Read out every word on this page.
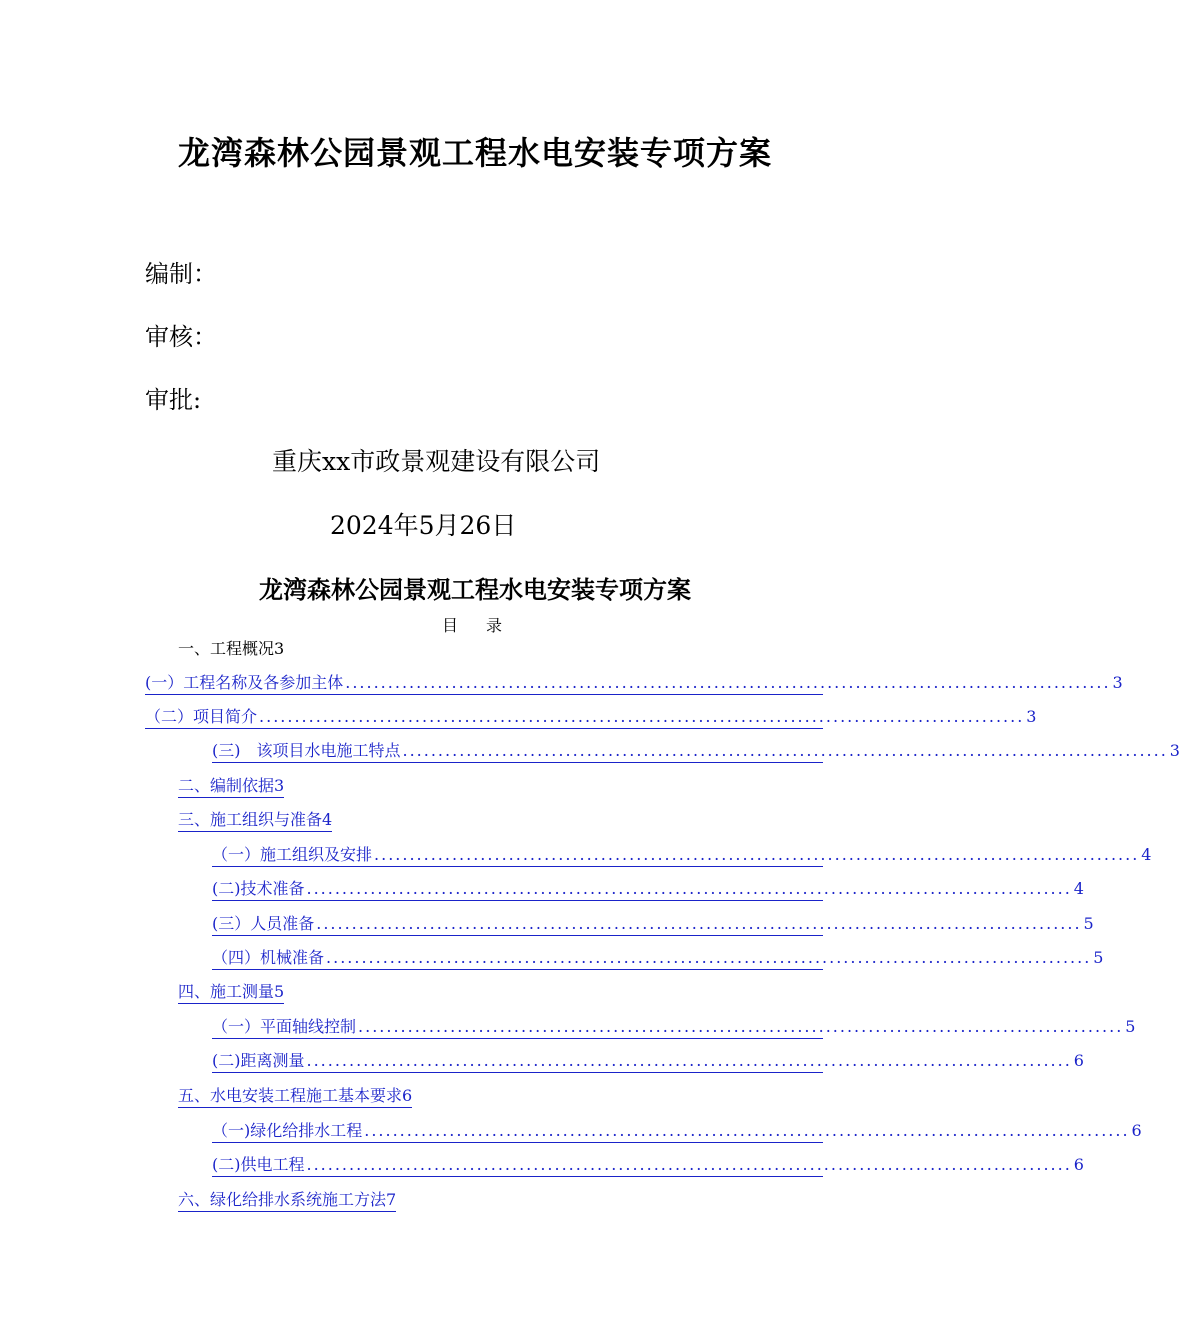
龙湾森林公园景观工程水电安装专项方案
编制：
审核：
审批:
重庆xx市政景观建设有限公司
2024年5月26日
龙湾森林公园景观工程水电安装专项方案
目　录
一、工程概况3
(一）工程名称及各参加主体 ............................................................................................................ 3
（二）项目简介 ............................................................................................................ 3
(三)　该项目水电施工特点 ............................................................................................................ 3
二、编制依据3
三、施工组织与准备4
（一）施工组织及安排 ............................................................................................................ 4
(二)技术准备 ............................................................................................................ 4
(三）人员准备 ............................................................................................................ 5
（四）机械准备 ............................................................................................................ 5
四、施工测量5
（一）平面轴线控制 ............................................................................................................ 5
(二)距离测量 ............................................................................................................ 6
五、水电安装工程施工基本要求6
（一)绿化给排水工程 ............................................................................................................ 6
(二)供电工程 ............................................................................................................ 6
六、绿化给排水系统施工方法7
